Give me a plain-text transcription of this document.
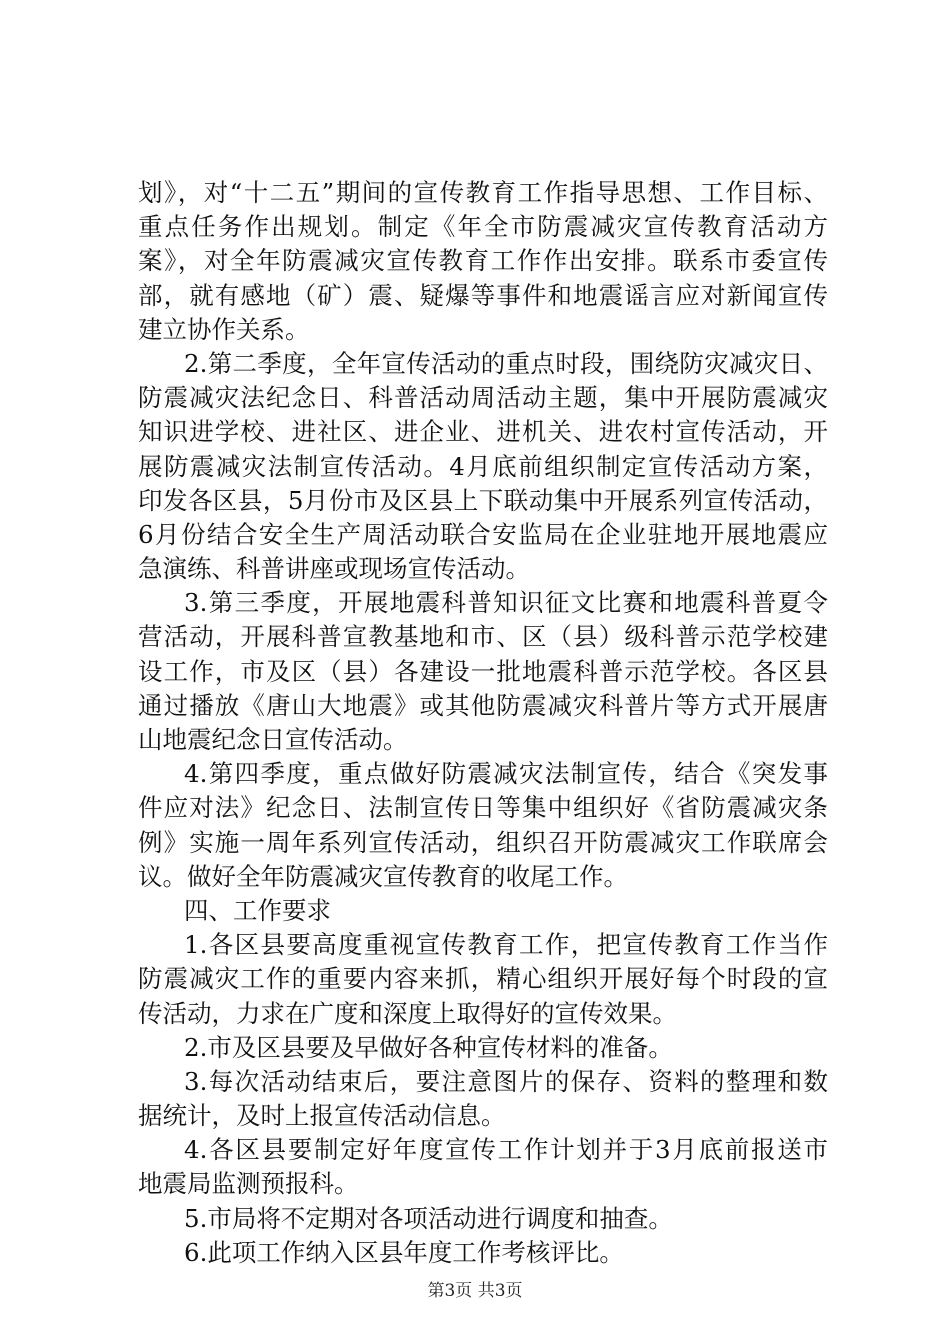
划》，对“十二五”期间的宣传教育工作指导思想、工作目标、
重点任务作出规划。制定《年全市防震减灾宣传教育活动方
案》，对全年防震减灾宣传教育工作作出安排。联系市委宣传
部，就有感地（矿）震、疑爆等事件和地震谣言应对新闻宣传
建立协作关系。
2.第二季度，全年宣传活动的重点时段，围绕防灾减灾日、
防震减灾法纪念日、科普活动周活动主题，集中开展防震减灾
知识进学校、进社区、进企业、进机关、进农村宣传活动，开
展防震减灾法制宣传活动。4月底前组织制定宣传活动方案，
印发各区县，5月份市及区县上下联动集中开展系列宣传活动，
6月份结合安全生产周活动联合安监局在企业驻地开展地震应
急演练、科普讲座或现场宣传活动。
3.第三季度，开展地震科普知识征文比赛和地震科普夏令
营活动，开展科普宣教基地和市、区（县）级科普示范学校建
设工作，市及区（县）各建设一批地震科普示范学校。各区县
通过播放《唐山大地震》或其他防震减灾科普片等方式开展唐
山地震纪念日宣传活动。
4.第四季度，重点做好防震减灾法制宣传，结合《突发事
件应对法》纪念日、法制宣传日等集中组织好《省防震减灾条
例》实施一周年系列宣传活动，组织召开防震减灾工作联席会
议。做好全年防震减灾宣传教育的收尾工作。
四、工作要求
1.各区县要高度重视宣传教育工作，把宣传教育工作当作
防震减灾工作的重要内容来抓，精心组织开展好每个时段的宣
传活动，力求在广度和深度上取得好的宣传效果。
2.市及区县要及早做好各种宣传材料的准备。
3.每次活动结束后，要注意图片的保存、资料的整理和数
据统计，及时上报宣传活动信息。
4.各区县要制定好年度宣传工作计划并于3月底前报送市
地震局监测预报科。
5.市局将不定期对各项活动进行调度和抽查。
6.此项工作纳入区县年度工作考核评比。
第3页 共3页
